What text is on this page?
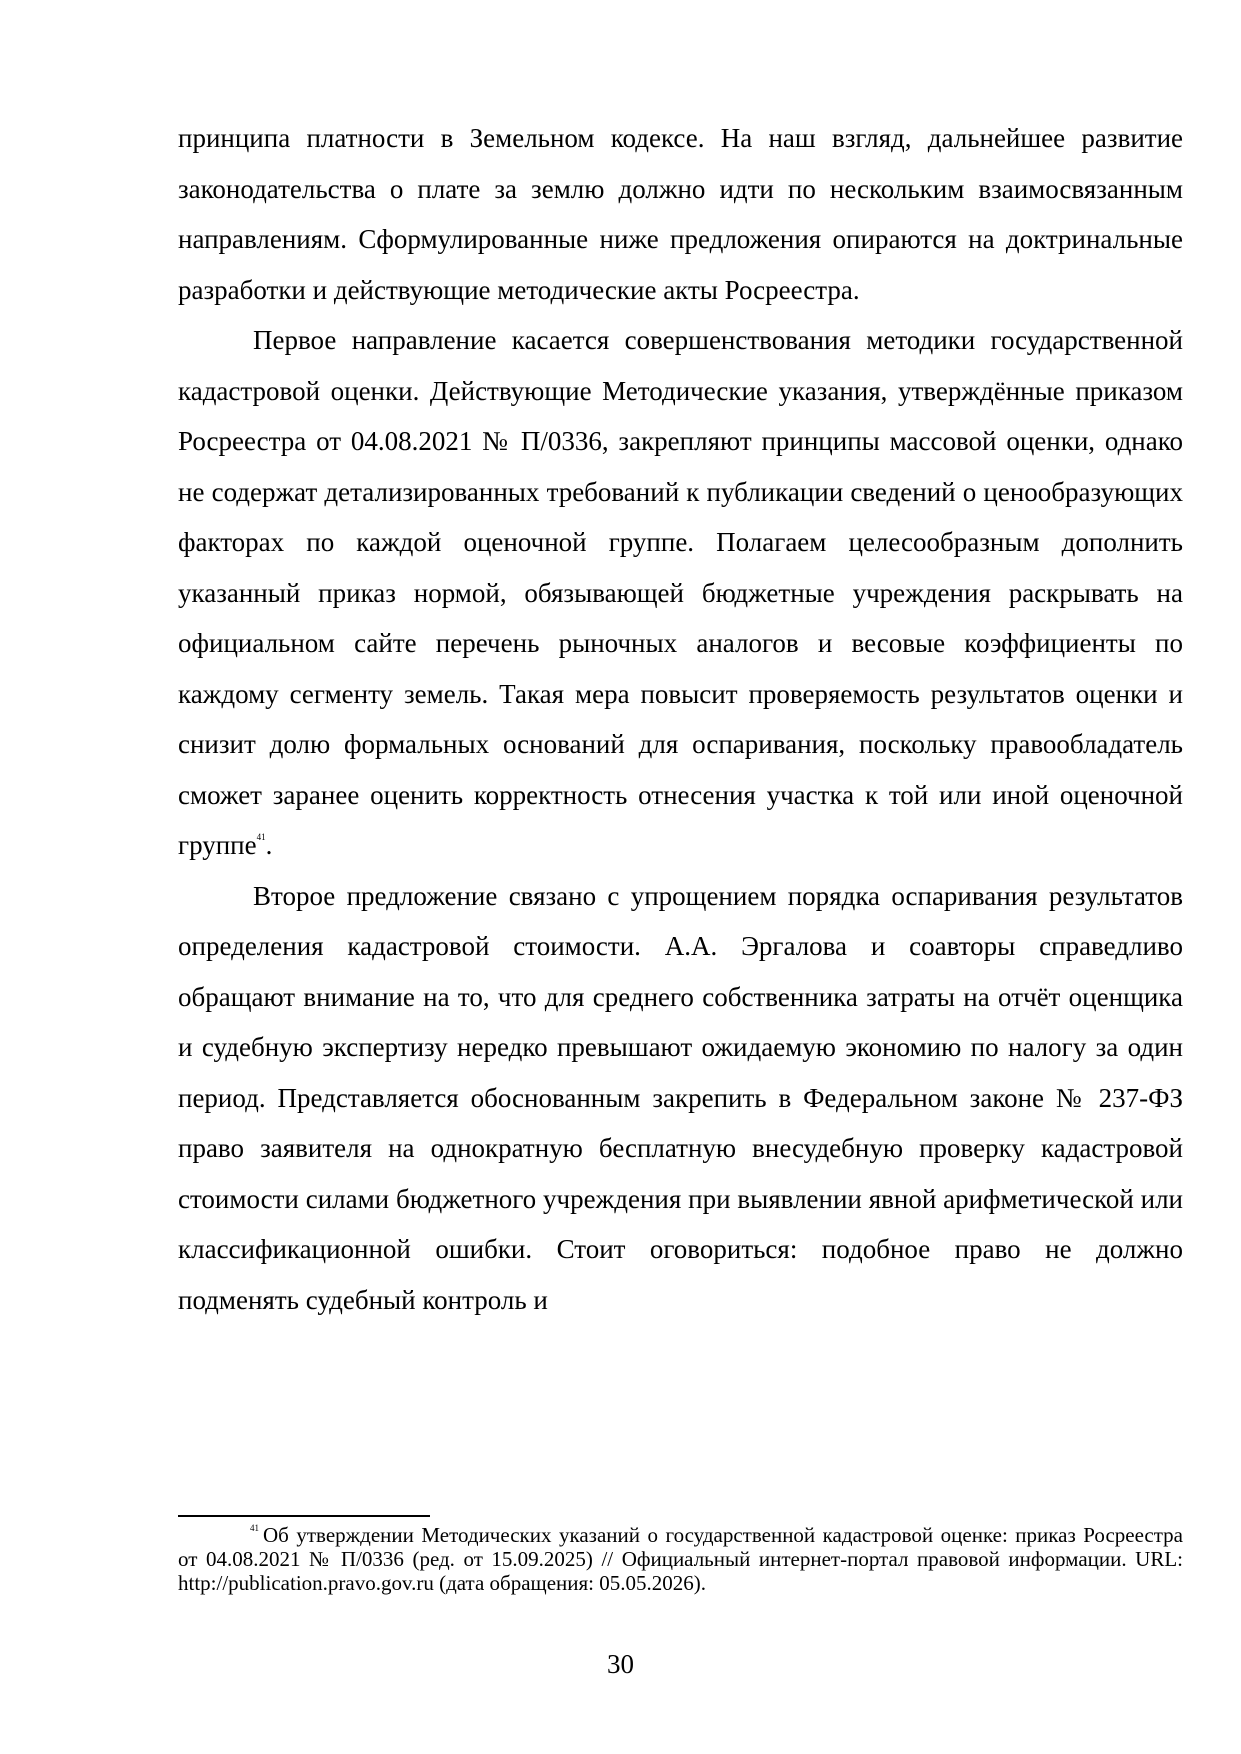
принципа платности в Земельном кодексе. На наш взгляд, дальнейшее развитие законодательства о плате за землю должно идти по нескольким взаимосвязанным направлениям. Сформулированные ниже предложения опираются на доктринальные разработки и действующие методические акты Росреестра.

Первое направление касается совершенствования методики государственной кадастровой оценки. Действующие Методические указания, утверждённые приказом Росреестра от 04.08.2021 № П/0336, закрепляют принципы массовой оценки, однако не содержат детализированных требований к публикации сведений о ценообразующих факторах по каждой оценочной группе. Полагаем целесообразным дополнить указанный приказ нормой, обязывающей бюджетные учреждения раскрывать на официальном сайте перечень рыночных аналогов и весовые коэффициенты по каждому сегменту земель. Такая мера повысит проверяемость результатов оценки и снизит долю формальных оснований для оспаривания, поскольку правообладатель сможет заранее оценить корректность отнесения участка к той или иной оценочной группе$^{41}$.

Второе предложение связано с упрощением порядка оспаривания результатов определения кадастровой стоимости. А.А. Эргалова и соавторы справедливо обращают внимание на то, что для среднего собственника затраты на отчёт оценщика и судебную экспертизу нередко превышают ожидаемую экономию по налогу за один период. Представляется обоснованным закрепить в Федеральном законе № 237-ФЗ право заявителя на однократную бесплатную внесудебную проверку кадастровой стоимости силами бюджетного учреждения при выявлении явной арифметической или классификационной ошибки. Стоит оговориться: подобное право не должно подменять судебный контроль и

$^{41}$ Об утверждении Методических указаний о государственной кадастровой оценке: приказ Росреестра от 04.08.2021 № П/0336 (ред. от 15.09.2025) // Официальный интернет-портал правовой информации. URL: http://publication.pravo.gov.ru (дата обращения: 05.05.2026).

30
